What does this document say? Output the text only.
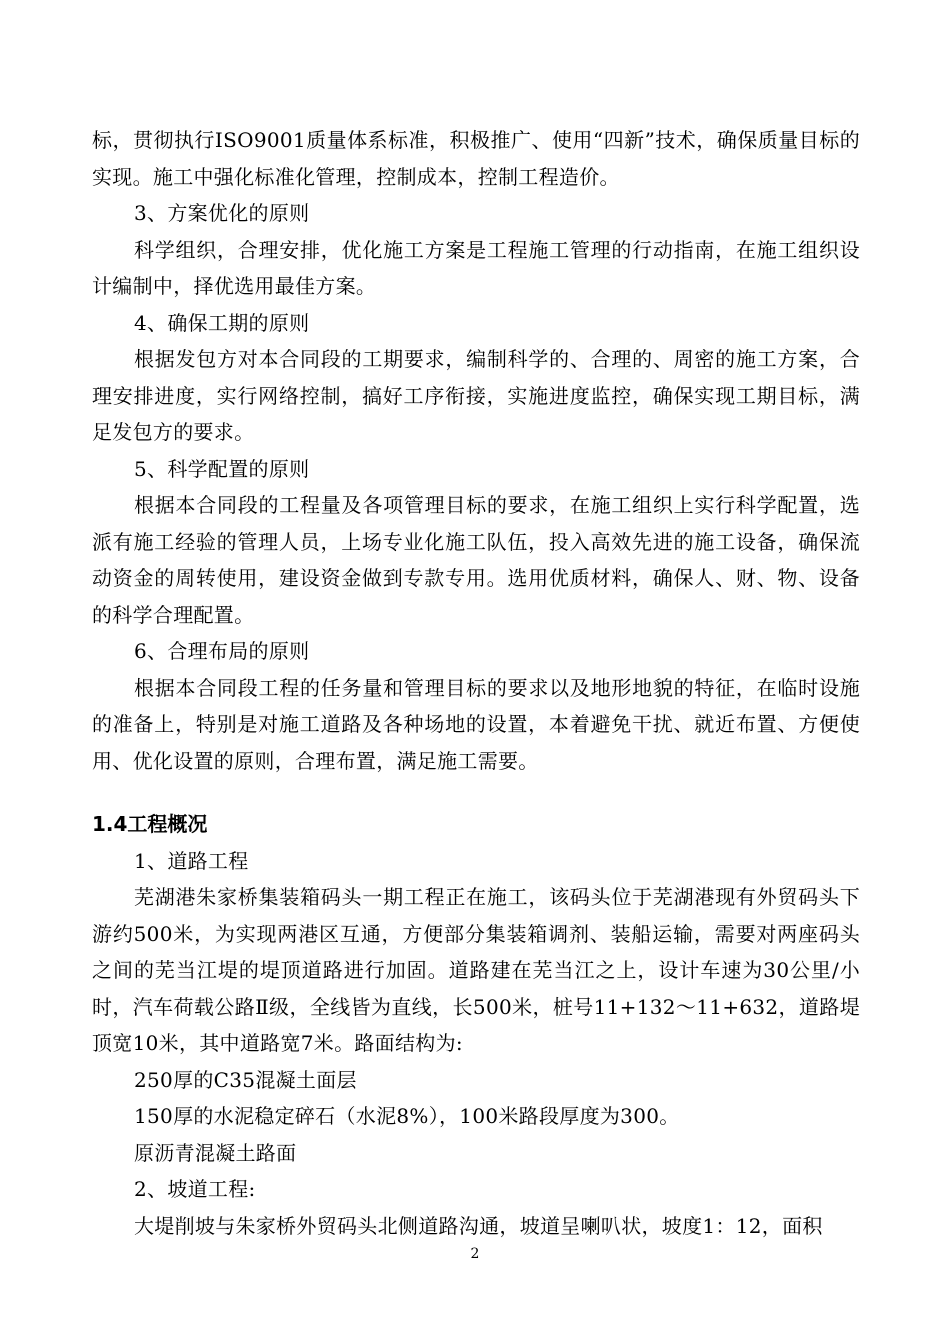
标，贯彻执行ISO9001质量体系标准，积极推广、使用“四新”技术，确保质量目标的实现。施工中强化标准化管理，控制成本，控制工程造价。

3、方案优化的原则

科学组织，合理安排，优化施工方案是工程施工管理的行动指南，在施工组织设计编制中，择优选用最佳方案。

4、确保工期的原则

根据发包方对本合同段的工期要求，编制科学的、合理的、周密的施工方案，合理安排进度，实行网络控制，搞好工序衔接，实施进度监控，确保实现工期目标，满足发包方的要求。

5、科学配置的原则

根据本合同段的工程量及各项管理目标的要求，在施工组织上实行科学配置，选派有施工经验的管理人员，上场专业化施工队伍，投入高效先进的施工设备，确保流动资金的周转使用，建设资金做到专款专用。选用优质材料，确保人、财、物、设备的科学合理配置。

6、合理布局的原则

根据本合同段工程的任务量和管理目标的要求以及地形地貌的特征，在临时设施的准备上，特别是对施工道路及各种场地的设置，本着避免干扰、就近布置、方便使用、优化设置的原则，合理布置，满足施工需要。

1.4工程概况

1、道路工程

芜湖港朱家桥集装箱码头一期工程正在施工，该码头位于芜湖港现有外贸码头下游约500米，为实现两港区互通，方便部分集装箱调剂、装船运输，需要对两座码头之间的芜当江堤的堤顶道路进行加固。道路建在芜当江之上，设计车速为30公里/小时，汽车荷载公路Ⅱ级，全线皆为直线，长500米，桩号11+132～11+632，道路堤顶宽10米，其中道路宽7米。路面结构为:

250厚的C35混凝土面层

150厚的水泥稳定碎石（水泥8%），100米路段厚度为300。

原沥青混凝土路面

2、坡道工程:

大堤削坡与朱家桥外贸码头北侧道路沟通，坡道呈喇叭状，坡度1：12，面积

2
